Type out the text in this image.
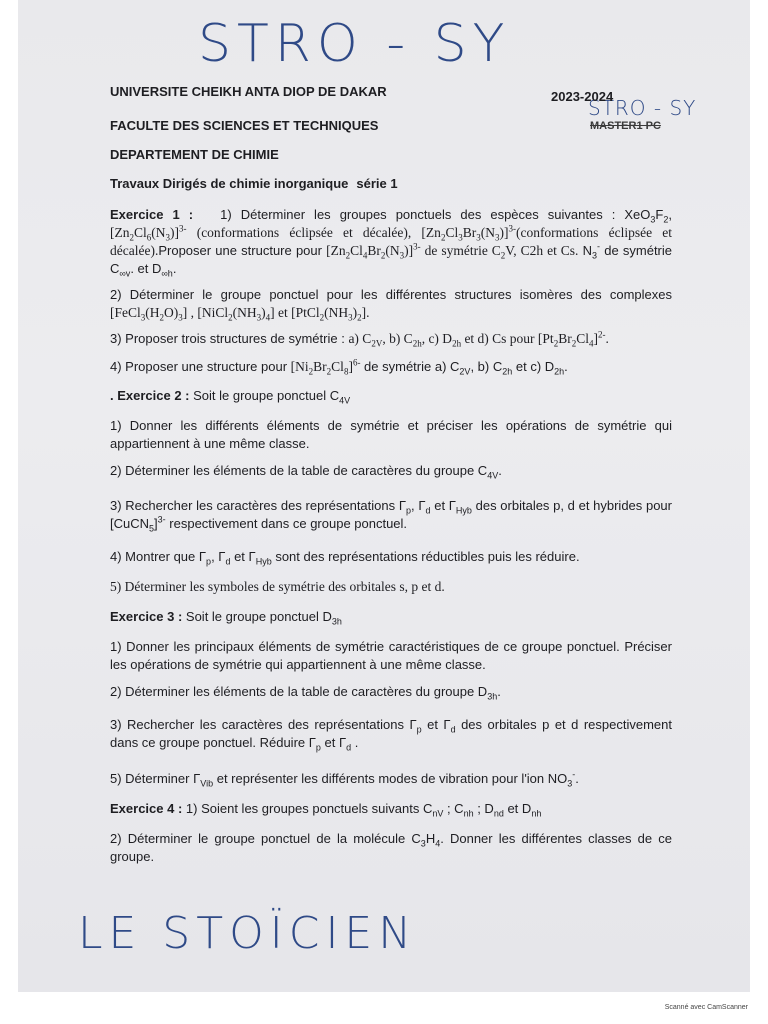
STRO - SY
STRO - SY
2023-2024
MASTER1 PC
UNIVERSITE CHEIKH ANTA DIOP DE DAKAR
FACULTE DES SCIENCES ET TECHNIQUES
DEPARTEMENT DE CHIMIE
Travaux Dirigés de chimie inorganique série 1
Exercice 1 : 1) Déterminer les groupes ponctuels des espèces suivantes : $XeO_3F_2$, $[Zn_2Cl_6(N_3)]^{3-}$ (conformations éclipsée et décalée), $[Zn_2Cl_3Br_3(N_3)]^{3-}(conformations$ éclipsée et décalée).Proposer une structure pour $[Zn_2Cl_4Br_2(N_3)]^{3-}$ de symétrie $C_2V$, C2h et Cs. $N_3^-$ de symétrie $C_{\infty v}$. et $D_{\infty h}$.
2) Déterminer le groupe ponctuel pour les différentes structures isomères des complexes $[FeCl_3(H_2O)_3]$ , $[NiCl_2(NH_3)_4]$ et $[PtCl_2(NH_3)_2]$.
3) Proposer trois structures de symétrie : a) $C_{2V}$, b) $C_{2h}$, c) $D_{2h}$ et d) Cs pour $[Pt_2Br_2Cl_4]^{2-}$.
4) Proposer une structure pour $[Ni_2Br_2Cl_8]^{6-}$ de symétrie a) $C_{2V}$, b) $C_{2h}$ et c) $D_{2h}$.
. Exercice 2 : Soit le groupe ponctuel $C_{4V}$
1) Donner les différents éléments de symétrie et préciser les opérations de symétrie qui appartiennent à une même classe.
2) Déterminer les éléments de la table de caractères du groupe $C_{4V}$.
3) Rechercher les caractères des représentations $\Gamma_p$, $\Gamma_d$ et $\Gamma_{Hyb}$ des orbitales p, d et hybrides pour [CuCN$_5$]$^{3-}$ respectivement dans ce groupe ponctuel.
4) Montrer que $\Gamma_p$, $\Gamma_d$ et $\Gamma_{Hyb}$ sont des représentations réductibles puis les réduire.
5) Déterminer les symboles de symétrie des orbitales s, p et d.
Exercice 3 : Soit le groupe ponctuel $D_{3h}$
1) Donner les principaux éléments de symétrie caractéristiques de ce groupe ponctuel. Préciser les opérations de symétrie qui appartiennent à une même classe.
2) Déterminer les éléments de la table de caractères du groupe $D_{3h}$.
3) Rechercher les caractères des représentations $\Gamma_p$ et $\Gamma_d$ des orbitales p et d respectivement dans ce groupe ponctuel. Réduire $\Gamma_p$ et $\Gamma_d$ .
5) Déterminer $\Gamma_{Vib}$ et représenter les différents modes de vibration pour l'ion $NO_3^-$.
Exercice 4 : 1) Soient les groupes ponctuels suivants $C_{nV}$ ; $C_{nh}$ ; $D_{nd}$ et $D_{nh}$
2) Déterminer le groupe ponctuel de la molécule $C_3H_4$. Donner les différentes classes de ce groupe.
LE STOÏCIEN
Scanné avec CamScanner
